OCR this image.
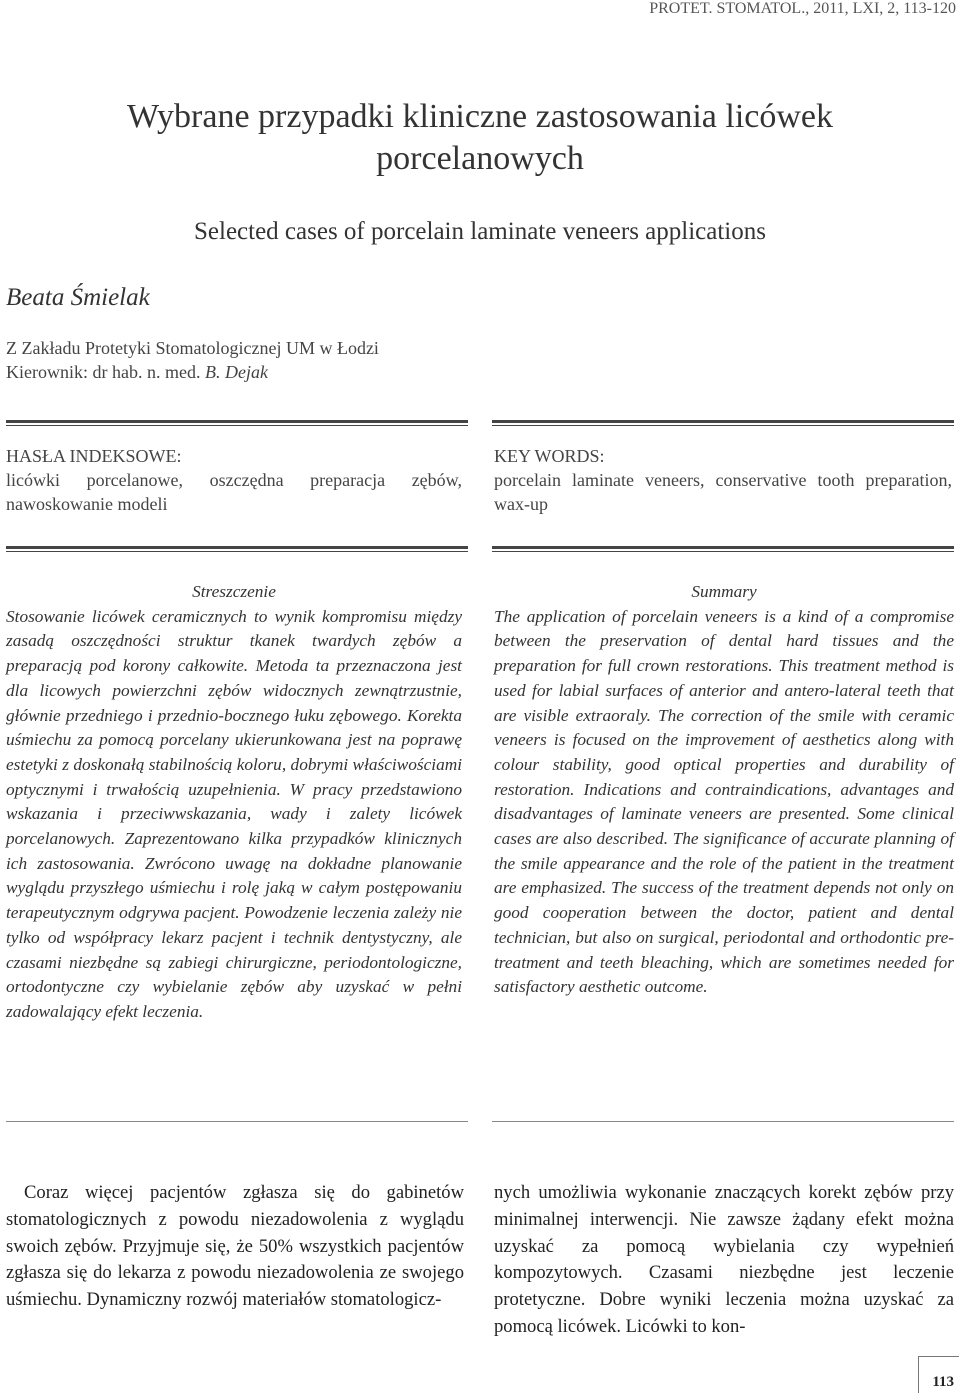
PROTET. STOMATOL., 2011, LXI, 2, 113-120
Wybrane przypadki kliniczne zastosowania licówek
porcelanowych
Selected cases of porcelain laminate veneers applications
Beata Śmielak
Z Zakładu Protetyki Stomatologicznej UM w Łodzi
Kierownik: dr hab. n. med. B. Dejak
HASŁA INDEKSOWE:
licówki porcelanowe, oszczędna preparacja zębów, nawoskowanie modeli
KEY WORDS:
porcelain laminate veneers, conservative tooth preparation, wax-up
Streszczenie
Stosowanie licówek ceramicznych to wynik kompromisu między zasadą oszczędności struktur tkanek twardych zębów a preparacją pod korony całkowite. Metoda ta przeznaczona jest dla licowych powierzchni zębów widocznych zewnątrzustnie, głównie przedniego i przednio-bocznego łuku zębowego. Korekta uśmiechu za pomocą porcelany ukierunkowana jest na poprawę estetyki z doskonałą stabilnością koloru, dobrymi właściwościami optycznymi i trwałością uzupełnienia. W pracy przedstawiono wskazania i przeciwwskazania, wady i zalety licówek porcelanowych. Zaprezentowano kilka przypadków klinicznych ich zastosowania. Zwrócono uwagę na dokładne planowanie wyglądu przyszłego uśmiechu i rolę jaką w całym postępowaniu terapeutycznym odgrywa pacjent. Powodzenie leczenia zależy nie tylko od współpracy lekarz pacjent i technik dentystyczny, ale czasami niezbędne są zabiegi chirurgiczne, periodontologiczne, ortodontyczne czy wybielanie zębów aby uzyskać w pełni zadowalający efekt leczenia.
Summary
The application of porcelain veneers is a kind of a compromise between the preservation of dental hard tissues and the preparation for full crown restorations. This treatment method is used for labial surfaces of anterior and antero-lateral teeth that are visible extraoraly. The correction of the smile with ceramic veneers is focused on the improvement of aesthetics along with colour stability, good optical properties and durability of restoration. Indications and contraindications, advantages and disadvantages of laminate veneers are presented. Some clinical cases are also described. The significance of accurate planning of the smile appearance and the role of the patient in the treatment are emphasized. The success of the treatment depends not only on good cooperation between the doctor, patient and dental technician, but also on surgical, periodontal and orthodontic pre-treatment and teeth bleaching, which are sometimes needed for satisfactory aesthetic outcome.
Coraz więcej pacjentów zgłasza się do gabinetów stomatologicznych z powodu niezadowolenia z wyglądu swoich zębów. Przyjmuje się, że 50% wszystkich pacjentów zgłasza się do lekarza z powodu niezadowolenia ze swojego uśmiechu. Dynamiczny rozwój materiałów stomatologicz-
nych umożliwia wykonanie znaczących korekt zębów przy minimalnej interwencji. Nie zawsze żądany efekt można uzyskać za pomocą wybielania czy wypełnień kompozytowych. Czasami niezbędne jest leczenie protetyczne. Dobre wyniki leczenia można uzyskać za pomocą licówek. Licówki to kon-
113
